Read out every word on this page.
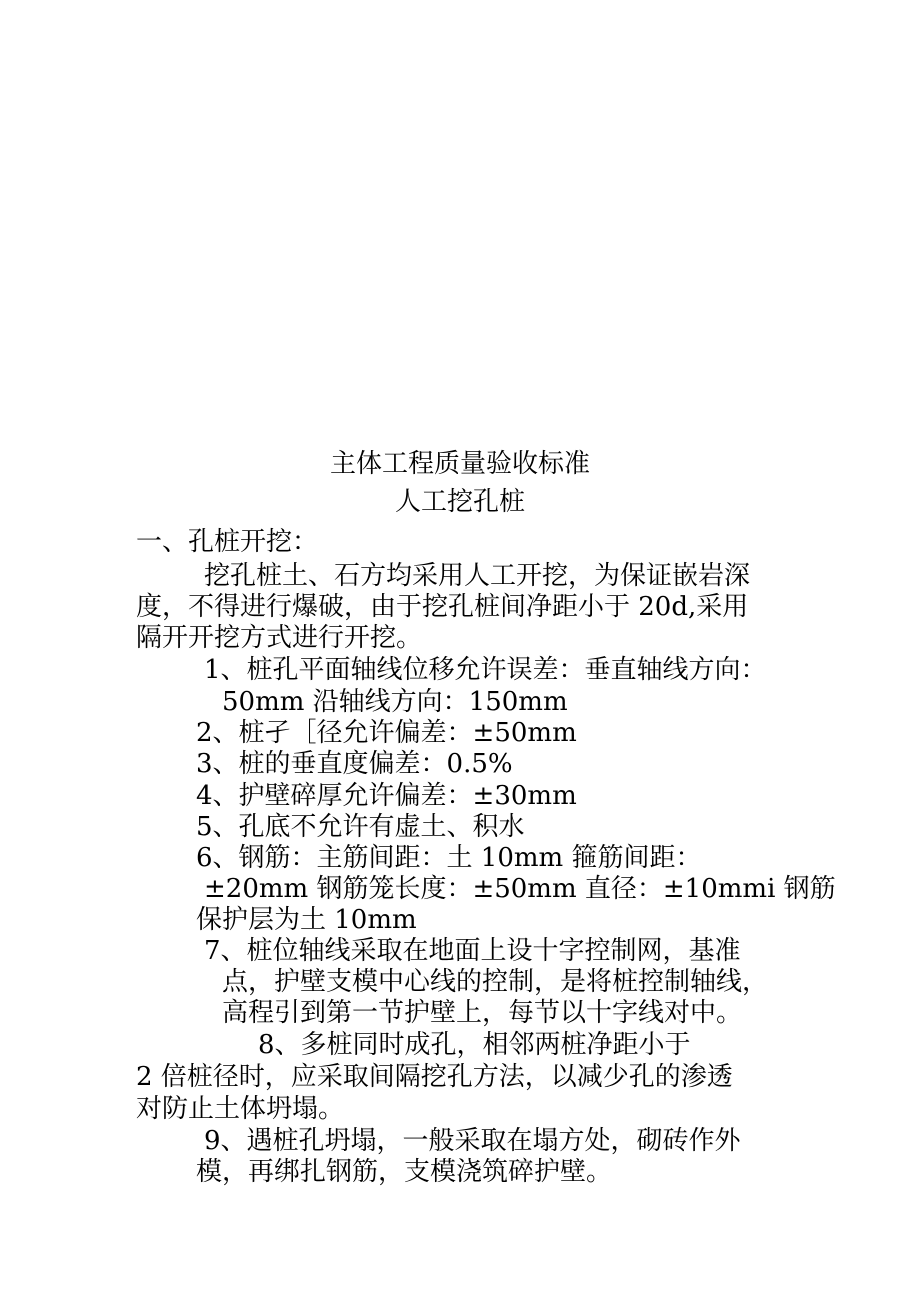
主体工程质量验收标准
人工挖孔桩
一、孔桩开挖：
挖孔桩土、石方均采用人工开挖，为保证嵌岩深
度，不得进行爆破，由于挖孔桩间净距小于 20d,采用
隔开开挖方式进行开挖。
1、桩孔平面轴线位移允许误差：垂直轴线方向：
50mm 沿轴线方向：150mm
2、桩孑［径允许偏差：±50mm
3、桩的垂直度偏差：0.5%
4、护壁碎厚允许偏差：±30mm
5、孔底不允许有虚土、积水
6、钢筋：主筋间距：土 10mm 箍筋间距：
±20mm 钢筋笼长度：±50mm 直径：±10mmi 钢筋
保护层为土 10mm
7、桩位轴线采取在地面上设十字控制网，基准
点，护壁支模中心线的控制，是将桩控制轴线，
高程引到第一节护壁上，每节以十字线对中。
8、多桩同时成孔，相邻两桩净距小于
2 倍桩径时，应采取间隔挖孔方法，以减少孔的渗透
对防止土体坍塌。
9、遇桩孔坍塌，一般采取在塌方处，砌砖作外
模，再绑扎钢筋，支模浇筑碎护壁。
